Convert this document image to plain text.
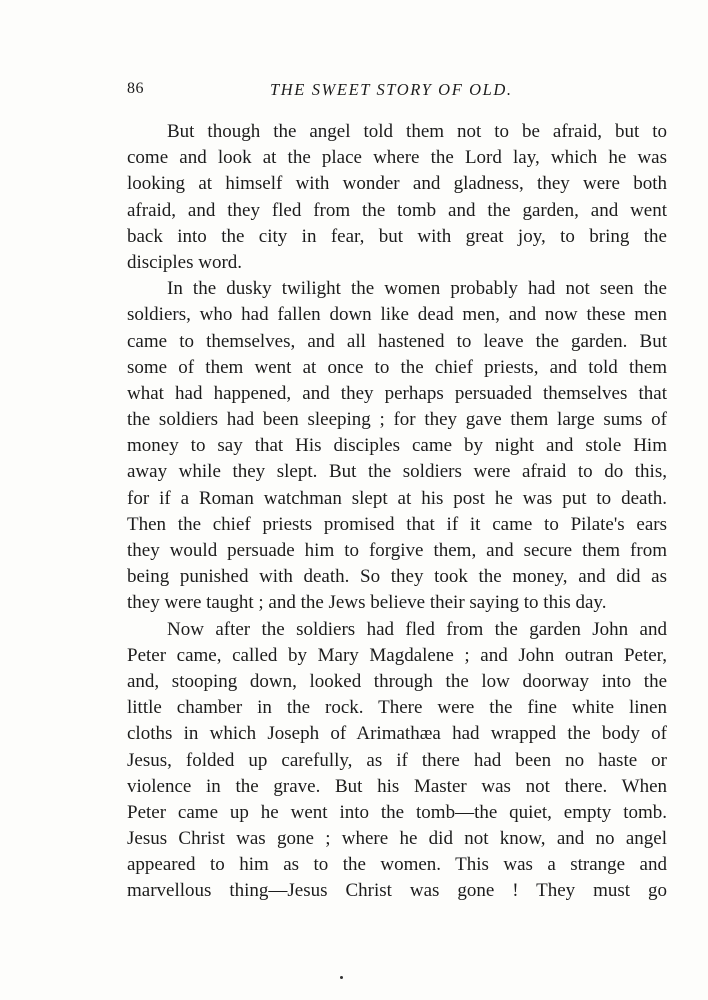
86	THE SWEET STORY OF OLD.
But though the angel told them not to be afraid, but to
come and look at the place where the Lord lay, which he was
looking at himself with wonder and gladness, they were both
afraid, and they fled from the tomb and the garden, and went
back into the city in fear, but with great joy, to bring the
disciples word.
In the dusky twilight the women probably had not seen the
soldiers, who had fallen down like dead men, and now these men
came to themselves, and all hastened to leave the garden. But
some of them went at once to the chief priests, and told them
what had happened, and they perhaps persuaded themselves that
the soldiers had been sleeping ; for they gave them large sums of
money to say that His disciples came by night and stole Him
away while they slept. But the soldiers were afraid to do this,
for if a Roman watchman slept at his post he was put to death.
Then the chief priests promised that if it came to Pilate's ears
they would persuade him to forgive them, and secure them from
being punished with death. So they took the money, and did as
they were taught ; and the Jews believe their saying to this day.
Now after the soldiers had fled from the garden John and
Peter came, called by Mary Magdalene ; and John outran Peter,
and, stooping down, looked through the low doorway into the
little chamber in the rock. There were the fine white linen
cloths in which Joseph of Arimathæa had wrapped the body of
Jesus, folded up carefully, as if there had been no haste or
violence in the grave. But his Master was not there. When
Peter came up he went into the tomb—the quiet, empty tomb.
Jesus Christ was gone ; where he did not know, and no angel
appeared to him as to the women. This was a strange and
marvellous thing—Jesus Christ was gone ! They must go
